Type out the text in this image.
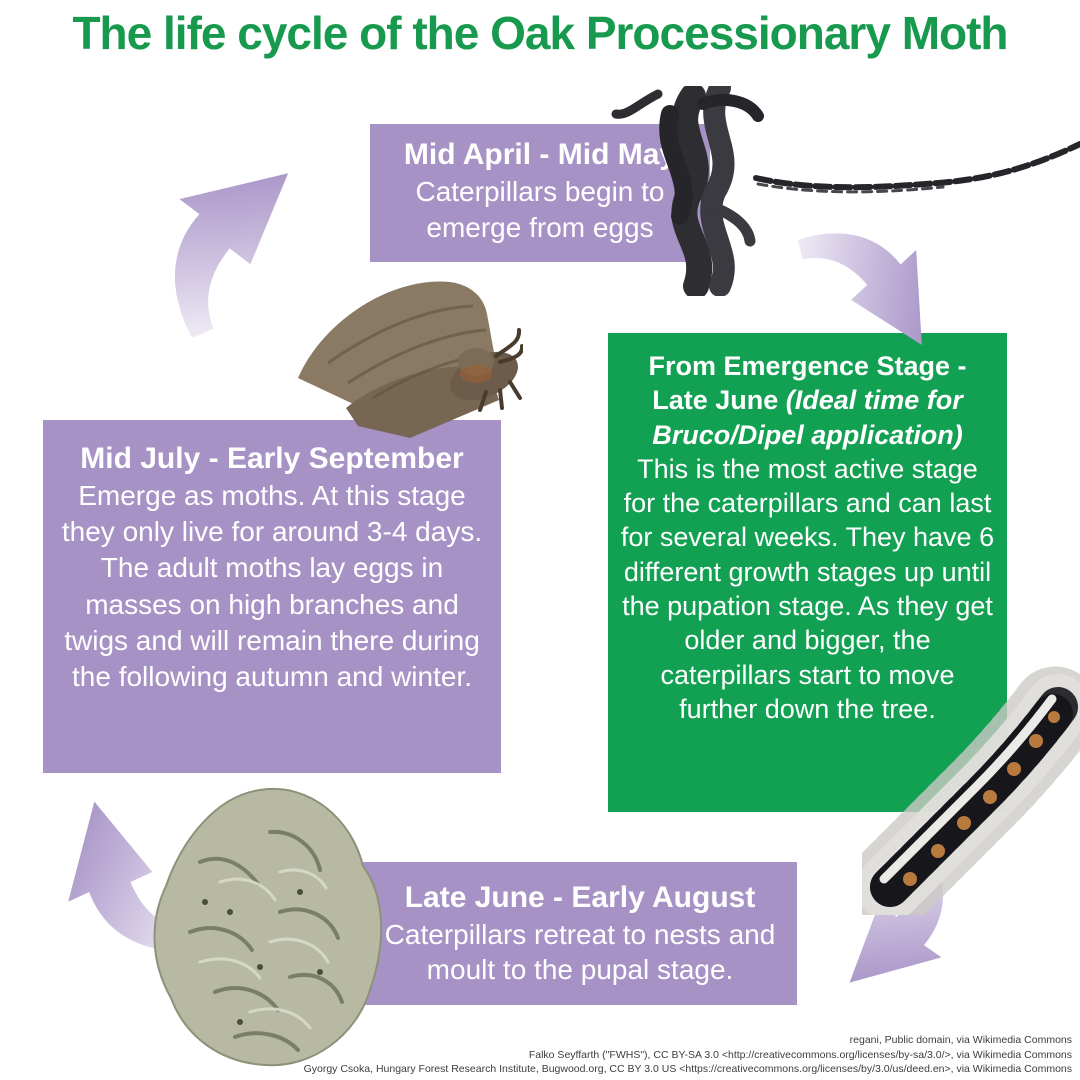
The life cycle of the Oak Processionary Moth
Mid April - Mid May
Caterpillars begin to emerge from eggs
From Emergence Stage - Late June (Ideal time for Bruco/Dipel application)
This is the most active stage for the caterpillars and can last for several weeks. They have 6 different growth stages up until the pupation stage. As they get older and bigger, the caterpillars start to move further down the tree.
Mid July - Early September
Emerge as moths. At this stage they only live for around 3-4 days. The adult moths lay eggs in masses on high branches and twigs and will remain there during the following autumn and winter.
Late June - Early August
Caterpillars retreat to nests and moult to the pupal stage.
regani, Public domain, via Wikimedia Commons
Falko Seyffarth ("FWHS"), CC BY-SA 3.0 <http://creativecommons.org/licenses/by-sa/3.0/>, via Wikimedia Commons
Gyorgy Csoka, Hungary Forest Research Institute, Bugwood.org, CC BY 3.0 US <https://creativecommons.org/licenses/by/3.0/us/deed.en>, via Wikimedia Commons
